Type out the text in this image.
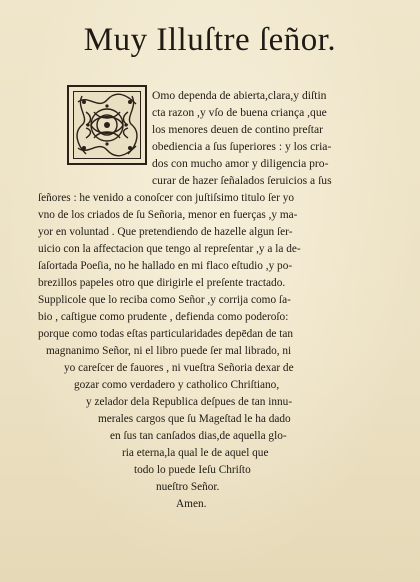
Muy Illuſtre ſeñor.
Omo dependa de abierta,clara,y diſtin
cta razon ,y vſo de buena criança ,que
los menores deuen de contino preſtar
obediencia a ſus ſuperiores : y los cria-
dos con mucho amor y diligencia pro-
curar de hazer ſeñalados ſeruicios a ſus
ſeñores : he venido a conoſcer con juſtiſsimo titulo ſer yo
vno de los criados de ſu Señoria, menor en fuerças ,y ma-
yor en voluntad . Que pretendiendo de hazelle algun ſer-
uicio con la affectacion que tengo al repreſentar ,y a la de-
ſaſortada Poeſia, no he hallado en mi flaco eſtudio ,y po-
brezillos papeles otro que dirigirle el preſente tractado.
Supplicole que lo reciba como Señor ,y corrija como ſa-
bio , caſtigue como prudente , defienda como poderoſo:
porque como todas eſtas particularidades depēdan de tan
magnanimo Señor, ni el libro puede ſer mal librado, ni
yo careſcer de fauores , ni vueſtra Señoria dexar de
gozar como verdadero y catholico Chriſtiano,
y zelador dela Republica deſpues de tan innu-
merales cargos que ſu Mageſtad le ha dado
en ſus tan canſados dias,de aquella glo-
ria eterna,la qual le de aquel que
todo lo puede Ieſu Chriſto
nueſtro Señor.
Amen.
